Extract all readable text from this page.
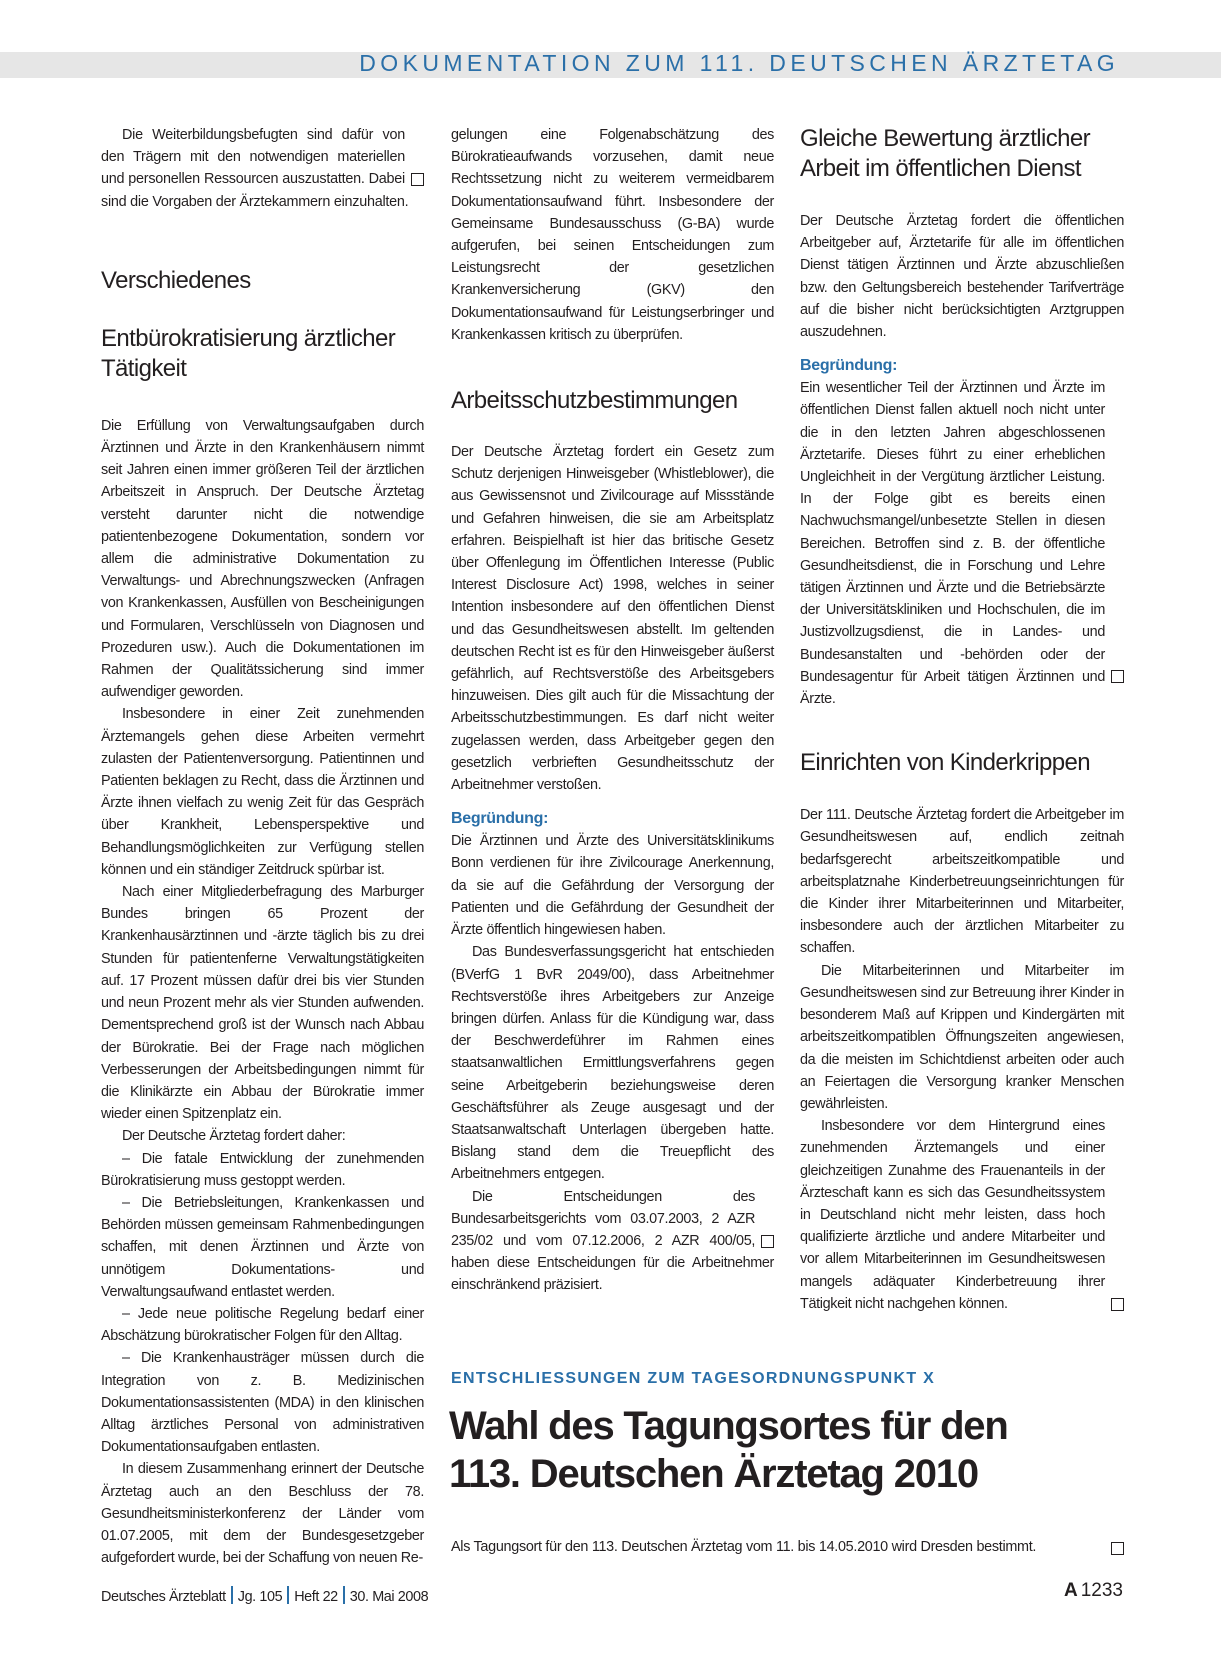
DOKUMENTATION ZUM 111. DEUTSCHEN ÄRZTETAG

Die Weiterbildungsbefugten sind dafür von den Trägern mit den notwendigen materiellen und personellen Ressourcen auszustatten. Dabei sind die Vorgaben der Ärztekammern einzuhalten.

Verschiedenes
Entbürokratisierung ärztlicher Tätigkeit

Die Erfüllung von Verwaltungsaufgaben durch Ärztinnen und Ärzte in den Krankenhäusern nimmt seit Jahren einen immer größeren Teil der ärztlichen Arbeitszeit in Anspruch. Der Deutsche Ärztetag versteht darunter nicht die notwendige patientenbezogene Dokumentation, sondern vor allem die administrative Dokumentation zu Verwaltungs- und Abrechnungszwecken (Anfragen von Krankenkassen, Ausfüllen von Bescheinigungen und Formularen, Verschlüsseln von Diagnosen und Prozeduren usw.). Auch die Dokumentationen im Rahmen der Qualitätssicherung sind immer aufwendiger geworden.

Insbesondere in einer Zeit zunehmenden Ärztemangels gehen diese Arbeiten vermehrt zulasten der Patientenversorgung. Patientinnen und Patienten beklagen zu Recht, dass die Ärztinnen und Ärzte ihnen vielfach zu wenig Zeit für das Gespräch über Krankheit, Lebensperspektive und Behandlungsmöglichkeiten zur Verfügung stellen können und ein ständiger Zeitdruck spürbar ist.

Nach einer Mitgliederbefragung des Marburger Bundes bringen 65 Prozent der Krankenhausärztinnen und -ärzte täglich bis zu drei Stunden für patientenferne Verwaltungstätigkeiten auf. 17 Prozent müssen dafür drei bis vier Stunden und neun Prozent mehr als vier Stunden aufwenden. Dementsprechend groß ist der Wunsch nach Abbau der Bürokratie. Bei der Frage nach möglichen Verbesserungen der Arbeitsbedingungen nimmt für die Klinikärzte ein Abbau der Bürokratie immer wieder einen Spitzenplatz ein.

Der Deutsche Ärztetag fordert daher:

– Die fatale Entwicklung der zunehmenden Bürokratisierung muss gestoppt werden.

– Die Betriebsleitungen, Krankenkassen und Behörden müssen gemeinsam Rahmenbedingungen schaffen, mit denen Ärztinnen und Ärzte von unnötigem Dokumentations- und Verwaltungsaufwand entlastet werden.

– Jede neue politische Regelung bedarf einer Abschätzung bürokratischer Folgen für den Alltag.

– Die Krankenhausträger müssen durch die Integration von z. B. Medizinischen Dokumentationsassistenten (MDA) in den klinischen Alltag ärztliches Personal von administrativen Dokumentationsaufgaben entlasten.

In diesem Zusammenhang erinnert der Deutsche Ärztetag auch an den Beschluss der 78. Gesundheitsministerkonferenz der Länder vom 01.07.2005, mit dem der Bundesgesetzgeber aufgefordert wurde, bei der Schaffung von neuen Re-

gelungen eine Folgenabschätzung des Bürokratieaufwands vorzusehen, damit neue Rechtssetzung nicht zu weiterem vermeidbarem Dokumentationsaufwand führt. Insbesondere der Gemeinsame Bundesausschuss (G-BA) wurde aufgerufen, bei seinen Entscheidungen zum Leistungsrecht der gesetzlichen Krankenversicherung (GKV) den Dokumentationsaufwand für Leistungserbringer und Krankenkassen kritisch zu überprüfen.

Arbeitsschutzbestimmungen

Der Deutsche Ärztetag fordert ein Gesetz zum Schutz derjenigen Hinweisgeber (Whistleblower), die aus Gewissensnot und Zivilcourage auf Missstände und Gefahren hinweisen, die sie am Arbeitsplatz erfahren. Beispielhaft ist hier das britische Gesetz über Offenlegung im Öffentlichen Interesse (Public Interest Disclosure Act) 1998, welches in seiner Intention insbesondere auf den öffentlichen Dienst und das Gesundheitswesen abstellt. Im geltenden deutschen Recht ist es für den Hinweisgeber äußerst gefährlich, auf Rechtsverstöße des Arbeitsgebers hinzuweisen. Dies gilt auch für die Missachtung der Arbeitsschutzbestimmungen. Es darf nicht weiter zugelassen werden, dass Arbeitgeber gegen den gesetzlich verbrieften Gesundheitsschutz der Arbeitnehmer verstoßen.

Begründung:

Die Ärztinnen und Ärzte des Universitätsklinikums Bonn verdienen für ihre Zivilcourage Anerkennung, da sie auf die Gefährdung der Versorgung der Patienten und die Gefährdung der Gesundheit der Ärzte öffentlich hingewiesen haben.

Das Bundesverfassungsgericht hat entschieden (BVerfG 1 BvR 2049/00), dass Arbeitnehmer Rechtsverstöße ihres Arbeitgebers zur Anzeige bringen dürfen. Anlass für die Kündigung war, dass der Beschwerdeführer im Rahmen eines staatsanwaltlichen Ermittlungsverfahrens gegen seine Arbeitgeberin beziehungsweise deren Geschäftsführer als Zeuge ausgesagt und der Staatsanwaltschaft Unterlagen übergeben hatte. Bislang stand dem die Treuepflicht des Arbeitnehmers entgegen.

Die Entscheidungen des Bundesarbeitsgerichts vom 03.07.2003, 2 AZR 235/02 und vom 07.12.2006, 2 AZR 400/05, haben diese Entscheidungen für die Arbeitnehmer einschränkend präzisiert.

Gleiche Bewertung ärztlicher Arbeit im öffentlichen Dienst

Der Deutsche Ärztetag fordert die öffentlichen Arbeitgeber auf, Ärztetarife für alle im öffentlichen Dienst tätigen Ärztinnen und Ärzte abzuschließen bzw. den Geltungsbereich bestehender Tarifverträge auf die bisher nicht berücksichtigten Arztgruppen auszudehnen.

Begründung:

Ein wesentlicher Teil der Ärztinnen und Ärzte im öffentlichen Dienst fallen aktuell noch nicht unter die in den letzten Jahren abgeschlossenen Ärztetarife. Dieses führt zu einer erheblichen Ungleichheit in der Vergütung ärztlicher Leistung. In der Folge gibt es bereits einen Nachwuchsmangel/unbesetzte Stellen in diesen Bereichen. Betroffen sind z. B. der öffentliche Gesundheitsdienst, die in Forschung und Lehre tätigen Ärztinnen und Ärzte und die Betriebsärzte der Universitätskliniken und Hochschulen, die im Justizvollzugsdienst, die in Landes- und Bundesanstalten und -behörden oder der Bundesagentur für Arbeit tätigen Ärztinnen und Ärzte.

Einrichten von Kinderkrippen

Der 111. Deutsche Ärztetag fordert die Arbeitgeber im Gesundheitswesen auf, endlich zeitnah bedarfsgerecht arbeitszeitkompatible und arbeitsplatznahe Kinderbetreuungseinrichtungen für die Kinder ihrer Mitarbeiterinnen und Mitarbeiter, insbesondere auch der ärztlichen Mitarbeiter zu schaffen.

Die Mitarbeiterinnen und Mitarbeiter im Gesundheitswesen sind zur Betreuung ihrer Kinder in besonderem Maß auf Krippen und Kindergärten mit arbeitszeitkompatiblen Öffnungszeiten angewiesen, da die meisten im Schichtdienst arbeiten oder auch an Feiertagen die Versorgung kranker Menschen gewährleisten.

Insbesondere vor dem Hintergrund eines zunehmenden Ärztemangels und einer gleichzeitigen Zunahme des Frauenanteils in der Ärzteschaft kann es sich das Gesundheitssystem in Deutschland nicht mehr leisten, dass hoch qualifizierte ärztliche und andere Mitarbeiter und vor allem Mitarbeiterinnen im Gesundheitswesen mangels adäquater Kinderbetreuung ihrer Tätigkeit nicht nachgehen können.

ENTSCHLIESSUNGEN ZUM TAGESORDNUNGSPUNKT X
Wahl des Tagungsortes für den
113. Deutschen Ärztetag 2010
Als Tagungsort für den 113. Deutschen Ärztetag vom 11. bis 14.05.2010 wird Dresden bestimmt.
Deutsches Ärzteblatt Jg. 105 Heft 22 30. Mai 2008	A 1233
